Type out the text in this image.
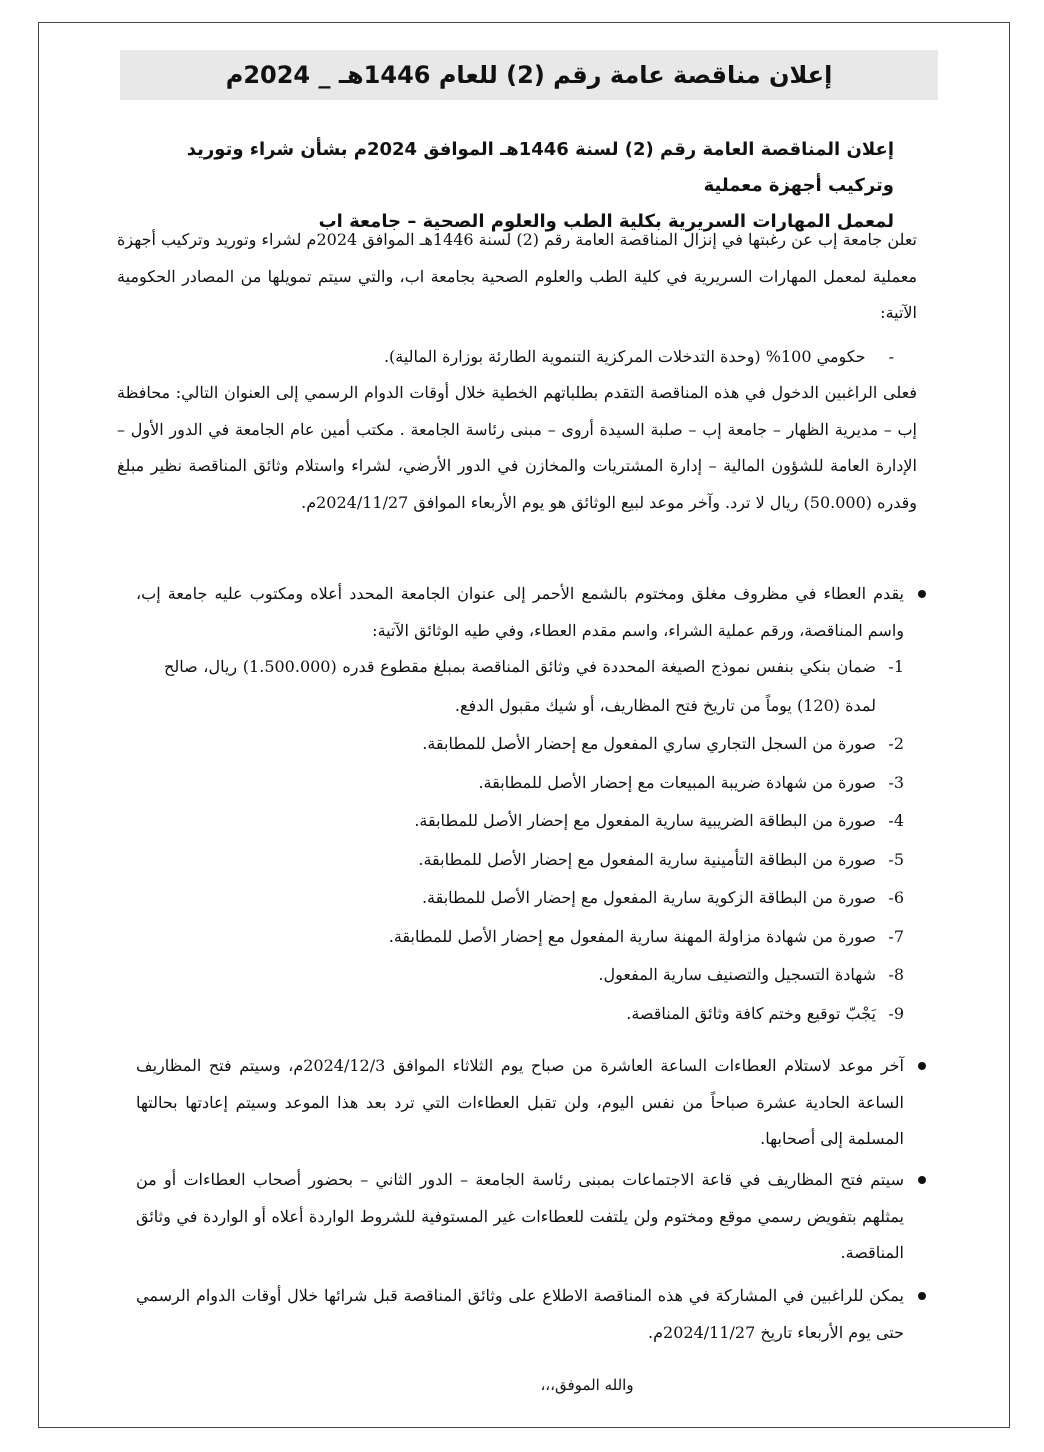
إعلان مناقصة عامة رقم (2) للعام 1446هـ _ 2024م
إعلان المناقصة العامة رقم (2) لسنة 1446هـ الموافق 2024م بشأن شراء وتوريد وتركيب أجهزة معملية
لمعمل المهارات السريرية بكلية الطب والعلوم الصحية – جامعة اب

تعلن جامعة إب عن رغبتها في إنزال المناقصة العامة رقم (2) لسنة 1446هـ الموافق 2024م لشراء وتوريد وتركيب أجهزة معملية لمعمل المهارات السريرية في كلية الطب والعلوم الصحية بجامعة اب، والتي سيتم تمويلها من المصادر الحكومية الآتية:

- حكومي 100% (وحدة التدخلات المركزية التنموية الطارئة بوزارة المالية).

فعلى الراغبين الدخول في هذه المناقصة التقدم بطلباتهم الخطية خلال أوقات الدوام الرسمي إلى العنوان التالي: محافظة إب – مديرية الظهار – جامعة إب – صلبة السيدة أروى – مبنى رئاسة الجامعة . مكتب أمين عام الجامعة في الدور الأول – الإدارة العامة للشؤون المالية – إدارة المشتريات والمخازن في الدور الأرضي، لشراء واستلام وثائق المناقصة نظير مبلغ وقدره (50.000) ريال لا ترد. وآخر موعد لبيع الوثائق هو يوم الأربعاء الموافق 2024/11/27م.

يقدم العطاء في مظروف مغلق ومختوم بالشمع الأحمر إلى عنوان الجامعة المحدد أعلاه ومكتوب عليه جامعة إب، واسم المناقصة، ورقم عملية الشراء، واسم مقدم العطاء، وفي طيه الوثائق الآتية:

1-
ضمان بنكي بنفس نموذج الصيغة المحددة في وثائق المناقصة بمبلغ مقطوع قدره (1.500.000) ريال، صالح لمدة (120) يوماً من تاريخ فتح المظاريف، أو شيك مقبول الدفع.
2-
صورة من السجل التجاري ساري المفعول مع إحضار الأصل للمطابقة.
3-
صورة من شهادة ضريبة المبيعات مع إحضار الأصل للمطابقة.
4-
صورة من البطاقة الضريبية سارية المفعول مع إحضار الأصل للمطابقة.
5-
صورة من البطاقة التأمينية سارية المفعول مع إحضار الأصل للمطابقة.
6-
صورة من البطاقة الزكوية سارية المفعول مع إحضار الأصل للمطابقة.
7-
صورة من شهادة مزاولة المهنة سارية المفعول مع إحضار الأصل للمطابقة.
8-
شهادة التسجيل والتصنيف سارية المفعول.
9-
يَجْبّ توقيع وختم كافة وثائق المناقصة.

آخر موعد لاستلام العطاءات الساعة العاشرة من صباح يوم الثلاثاء الموافق 2024/12/3م، وسيتم فتح المظاريف الساعة الحادية عشرة صباحاً من نفس اليوم، ولن تقبل العطاءات التي ترد بعد هذا الموعد وسيتم إعادتها بحالتها المسلمة إلى أصحابها.

سيتم فتح المظاريف في قاعة الاجتماعات بمبنى رئاسة الجامعة – الدور الثاني – بحضور أصحاب العطاءات أو من يمثلهم بتفويض رسمي موقع ومختوم ولن يلتفت للعطاءات غير المستوفية للشروط الواردة أعلاه أو الواردة في وثائق المناقصة.

يمكن للراغبين في المشاركة في هذه المناقصة الاطلاع على وثائق المناقصة قبل شرائها خلال أوقات الدوام الرسمي حتى يوم الأربعاء تاريخ 2024/11/27م.

والله الموفق،،،
